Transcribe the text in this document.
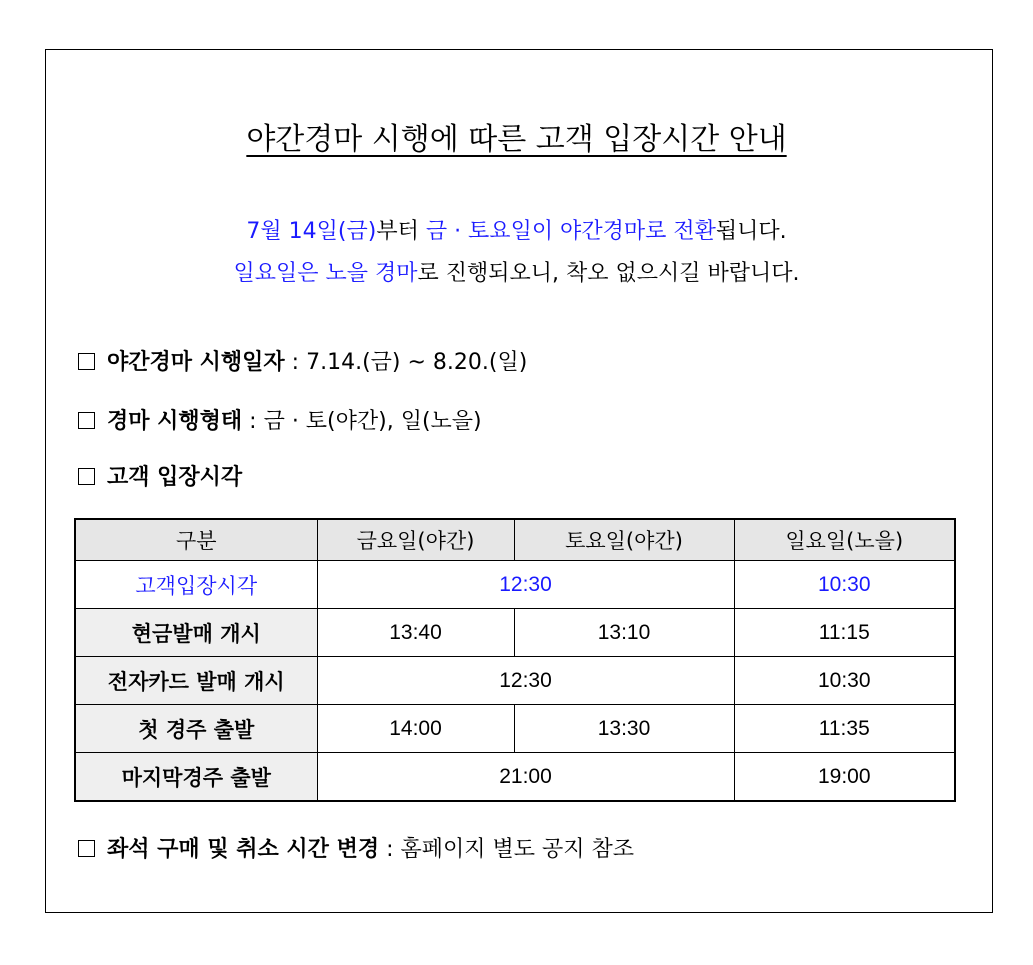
야간경마 시행에 따른 고객 입장시간 안내
7월 14일(금)부터 금 · 토요일이 야간경마로 전환됩니다.
일요일은 노을 경마로 진행되오니, 착오 없으시길 바랍니다.
야간경마 시행일자 : 7.14.(금) ~ 8.20.(일)
경마 시행형태 : 금 · 토(야간), 일(노을)
고객 입장시각
구분	금요일(야간)	토요일(야간)	일요일(노을)
고객입장시각	12:30		10:30
현금발매 개시	13:40	13:10	11:15
전자카드 발매 개시	12:30		10:30
첫 경주 출발	14:00	13:30	11:35
마지막경주 출발	21:00		19:00
좌석 구매 및 취소 시간 변경 : 홈페이지 별도 공지 참조
